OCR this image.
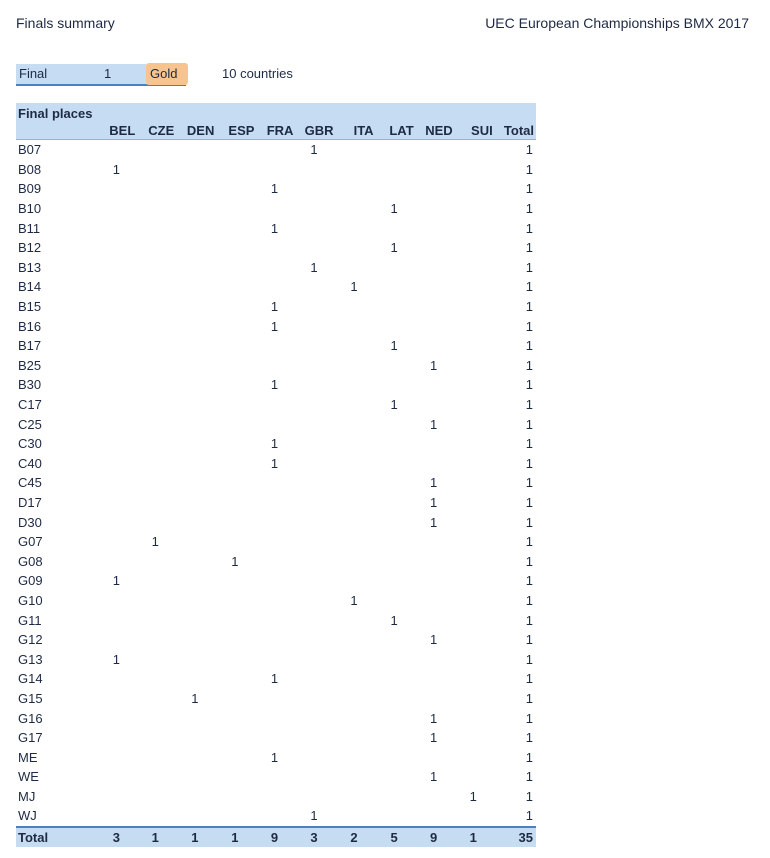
Finals summary	UEC European Championships BMX 2017
Final	1	Gold	10 countries
Final places											
	BEL	CZE	DEN	ESP	FRA	GBR	ITA	LAT	NED	SUI	Total
B07						1					1
B08	1										1
B09					1						1
B10								1			1
B11					1						1
B12								1			1
B13						1					1
B14							1				1
B15					1						1
B16					1						1
B17								1			1
B25									1		1
B30					1						1
C17								1			1
C25									1		1
C30					1						1
C40					1						1
C45									1		1
D17									1		1
D30									1		1
G07		1									1
G08				1							1
G09	1										1
G10							1				1
G11								1			1
G12									1		1
G13	1										1
G14					1						1
G15			1								1
G16									1		1
G17									1		1
ME					1						1
WE									1		1
MJ										1	1
WJ						1					1
Total	3	1	1	1	9	3	2	5	9	1	35
